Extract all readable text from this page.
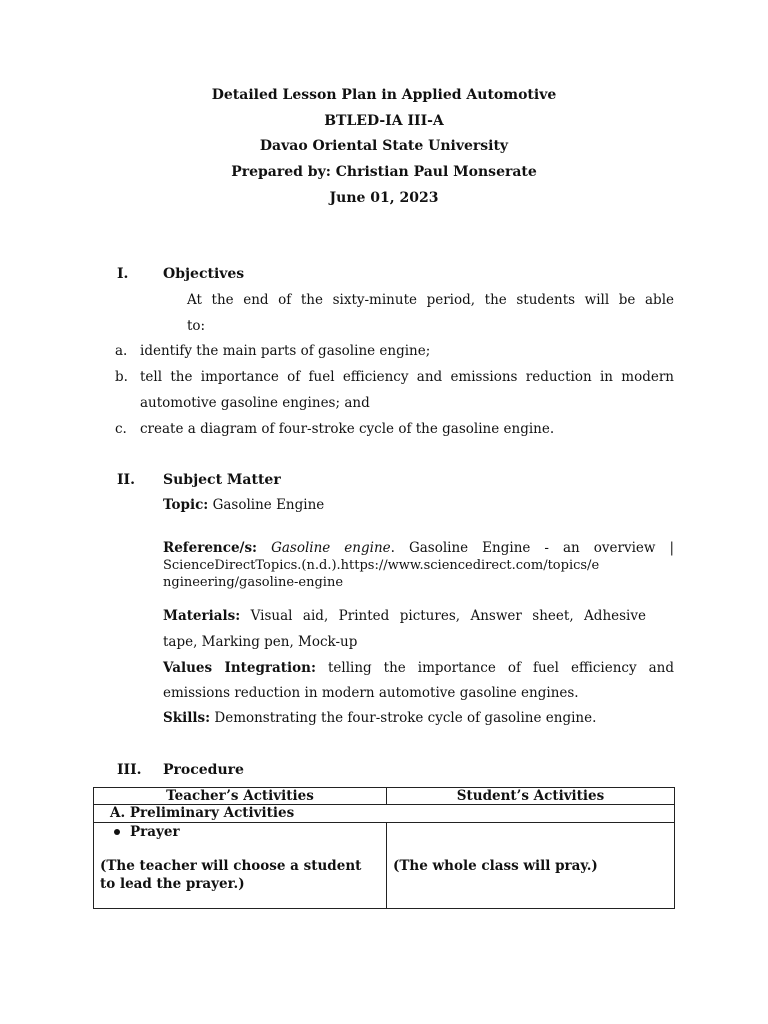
Detailed Lesson Plan in Applied Automotive
BTLED-IA III-A
Davao Oriental State University
Prepared by: Christian Paul Monserate
June 01, 2023
I. Objectives
At the end of the sixty-minute period, the students will be able
to:
a. identify the main parts of gasoline engine;
b. tell the importance of fuel efficiency and emissions reduction in modern
automotive gasoline engines; and
c. create a diagram of four-stroke cycle of the gasoline engine.
II. Subject Matter
Topic: Gasoline Engine
Reference/s: Gasoline engine. Gasoline Engine - an overview |
ScienceDirectTopics.(n.d.).https://www.sciencedirect.com/topics/e
ngineering/gasoline-engine
Materials: Visual aid, Printed pictures, Answer sheet, Adhesive
tape, Marking pen, Mock-up
Values Integration: telling the importance of fuel efficiency and
emissions reduction in modern automotive gasoline engines.
Skills: Demonstrating the four-stroke cycle of gasoline engine.
III. Procedure
Teacher’s Activities	Student’s Activities
A. Preliminary Activities	

Prayer
(The teacher will choose a student to lead the prayer.)	(The whole class will pray.)
